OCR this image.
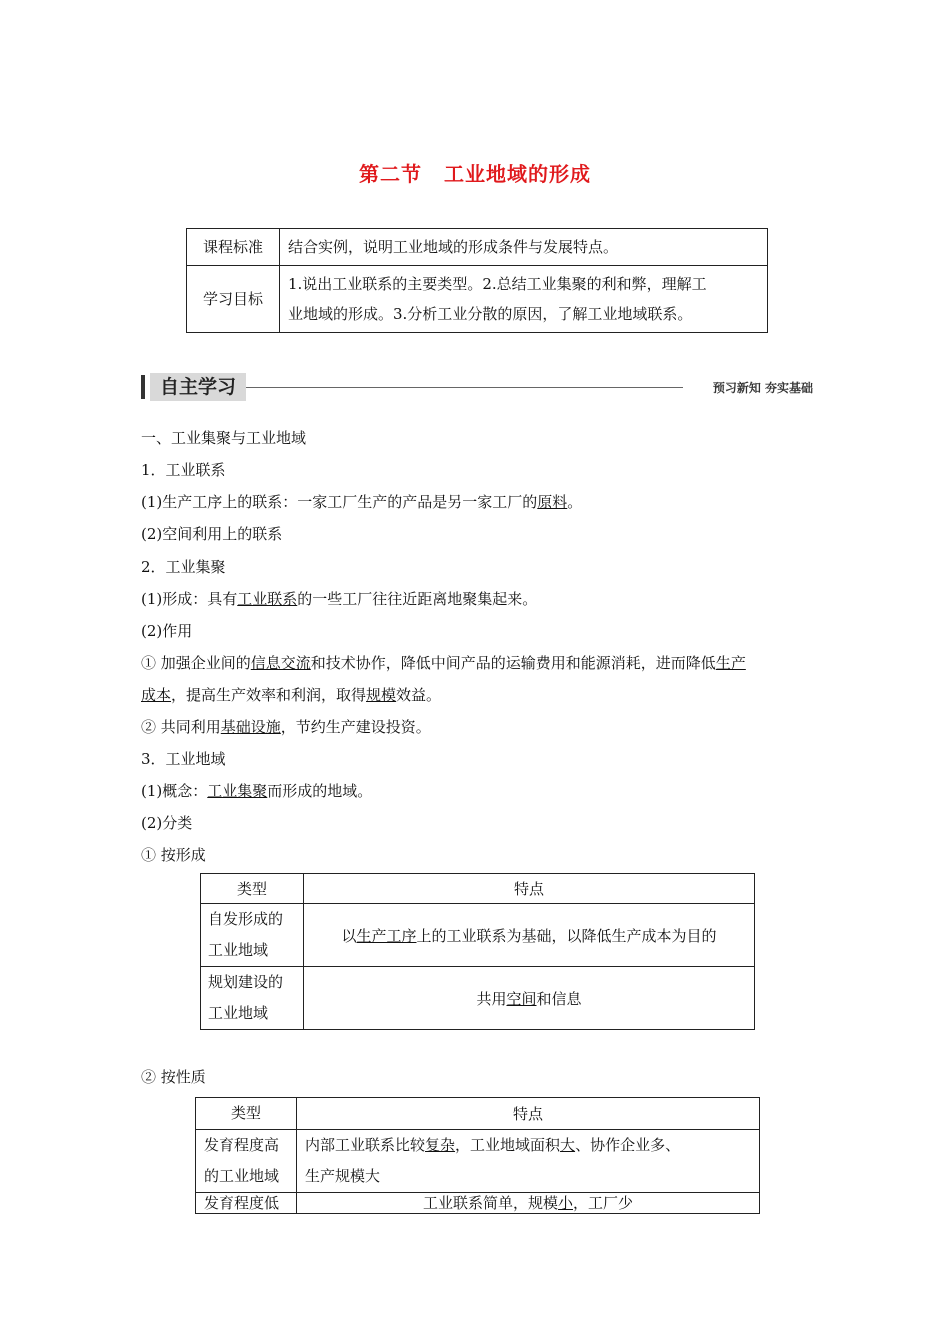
第二节 工业地域的形成
课程标准	结合实例，说明工业地域的形成条件与发展特点。
学习目标	1.说出工业联系的主要类型。2.总结工业集聚的利和弊，理解工
业地域的形成。3.分析工业分散的原因，了解工业地域联系。
自主学习	预习新知 夯实基础
一、工业集聚与工业地域
1．工业联系
(1)生产工序上的联系：一家工厂生产的产品是另一家工厂的原料。
(2)空间利用上的联系
2．工业集聚
(1)形成：具有工业联系的一些工厂往往近距离地聚集起来。
(2)作用
① 加强企业间的信息交流和技术协作，降低中间产品的运输费用和能源消耗，进而降低生产
成本，提高生产效率和利润，取得规模效益。
② 共同利用基础设施，节约生产建设投资。
3．工业地域
(1)概念：工业集聚而形成的地域。
(2)分类
① 按形成
类型	特点
自发形成的
工业地域	以生产工序上的工业联系为基础，以降低生产成本为目的
规划建设的
工业地域	共用空间和信息
② 按性质
类型	特点
发育程度高
的工业地域	内部工业联系比较复杂，工业地域面积大、协作企业多、
生产规模大
发育程度低	工业联系简单，规模小，工厂少
